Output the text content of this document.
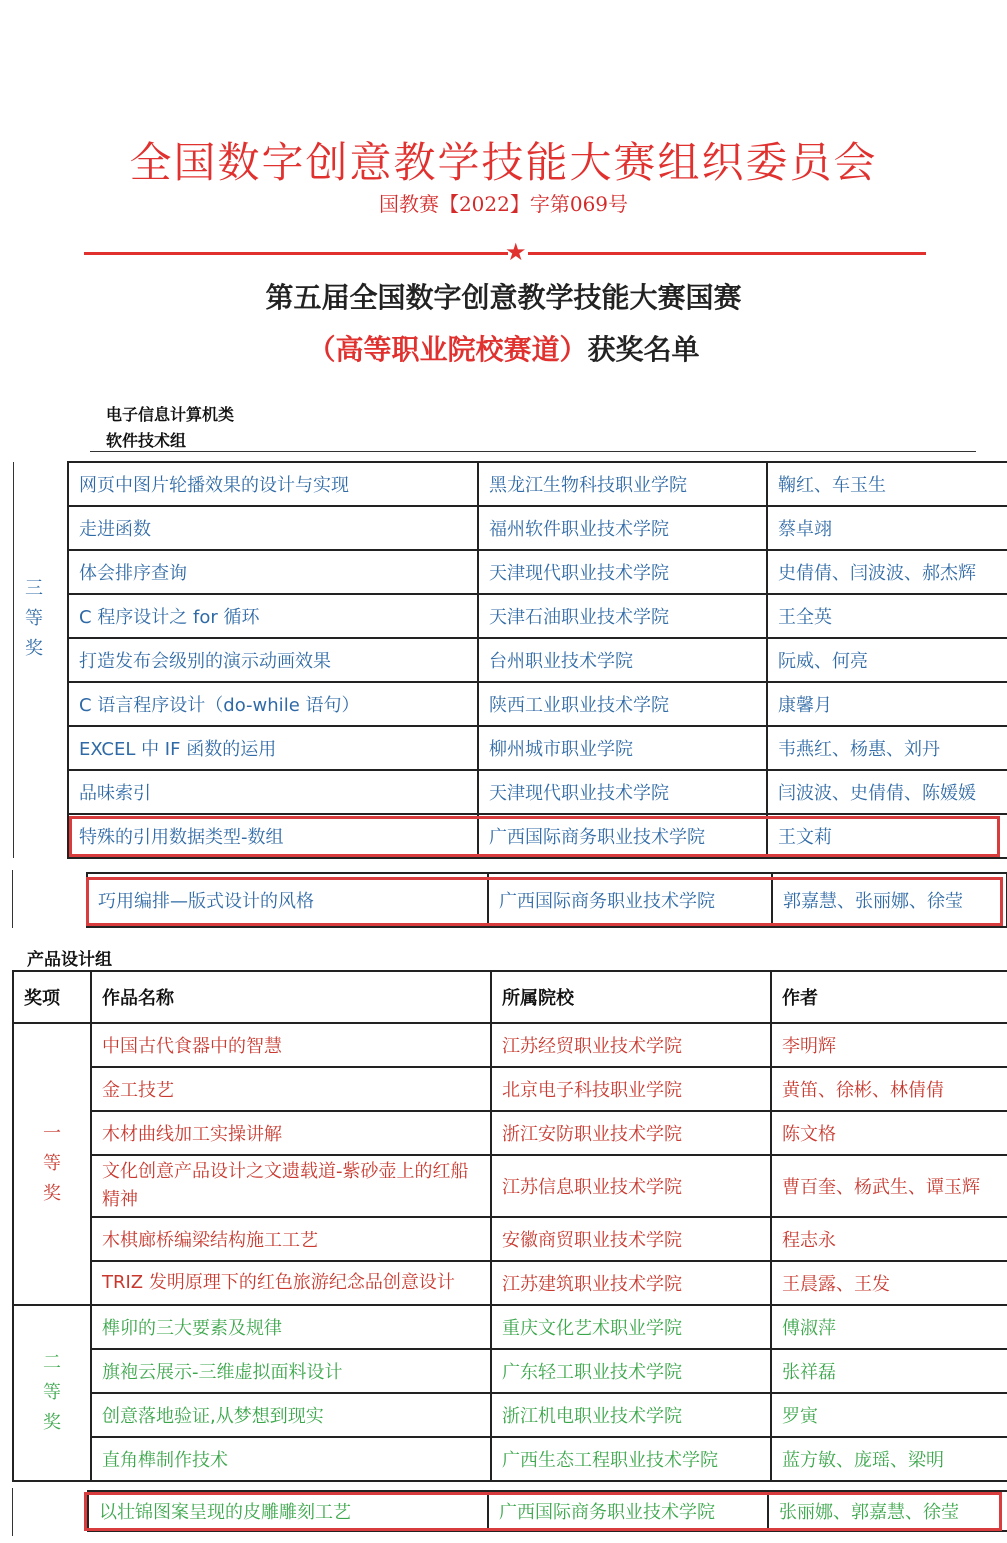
全国数字创意教学技能大赛组织委员会
国教赛【2022】字第069号
★
第五届全国数字创意教学技能大赛国赛
（高等职业院校赛道）获奖名单
电子信息计算机类
软件技术组
三
等
奖
网页中图片轮播效果的设计与实现	黑龙江生物科技职业学院	鞠红、车玉生
走进函数	福州软件职业技术学院	蔡卓翊
体会排序查询	天津现代职业技术学院	史倩倩、闫波波、郝杰辉
C 程序设计之 for 循环	天津石油职业技术学院	王全英
打造发布会级别的演示动画效果	台州职业技术学院	阮威、何亮
C 语言程序设计（do-while 语句）	陕西工业职业技术学院	康馨月
EXCEL 中 IF 函数的运用	柳州城市职业学院	韦燕红、杨惠、刘丹
品味索引	天津现代职业技术学院	闫波波、史倩倩、陈媛媛
特殊的引用数据类型-数组	广西国际商务职业技术学院	王文莉
巧用编排—版式设计的风格	广西国际商务职业技术学院	郭嘉慧、张丽娜、徐莹
产品设计组
奖项	作品名称	所属院校	作者

一
等
奖	中国古代食器中的智慧	江苏经贸职业技术学院	李明辉
	金工技艺	北京电子科技职业学院	黄笛、徐彬、林倩倩
	木材曲线加工实操讲解	浙江安防职业技术学院	陈文格
	文化创意产品设计之文遗载道-紫砂壶上的红船精神	江苏信息职业技术学院	曹百奎、杨武生、谭玉辉
	木棋廊桥编梁结构施工工艺	安徽商贸职业技术学院	程志永
	TRIZ 发明原理下的红色旅游纪念品创意设计	江苏建筑职业技术学院	王晨露、王发

二
等
奖	榫卯的三大要素及规律	重庆文化艺术职业学院	傅淑萍
	旗袍云展示-三维虚拟面料设计	广东轻工职业技术学院	张祥磊
	创意落地验证,从梦想到现实	浙江机电职业技术学院	罗寅
	直角榫制作技术	广西生态工程职业技术学院	蓝方敏、庞瑶、梁明
以壮锦图案呈现的皮雕雕刻工艺	广西国际商务职业技术学院	张丽娜、郭嘉慧、徐莹
